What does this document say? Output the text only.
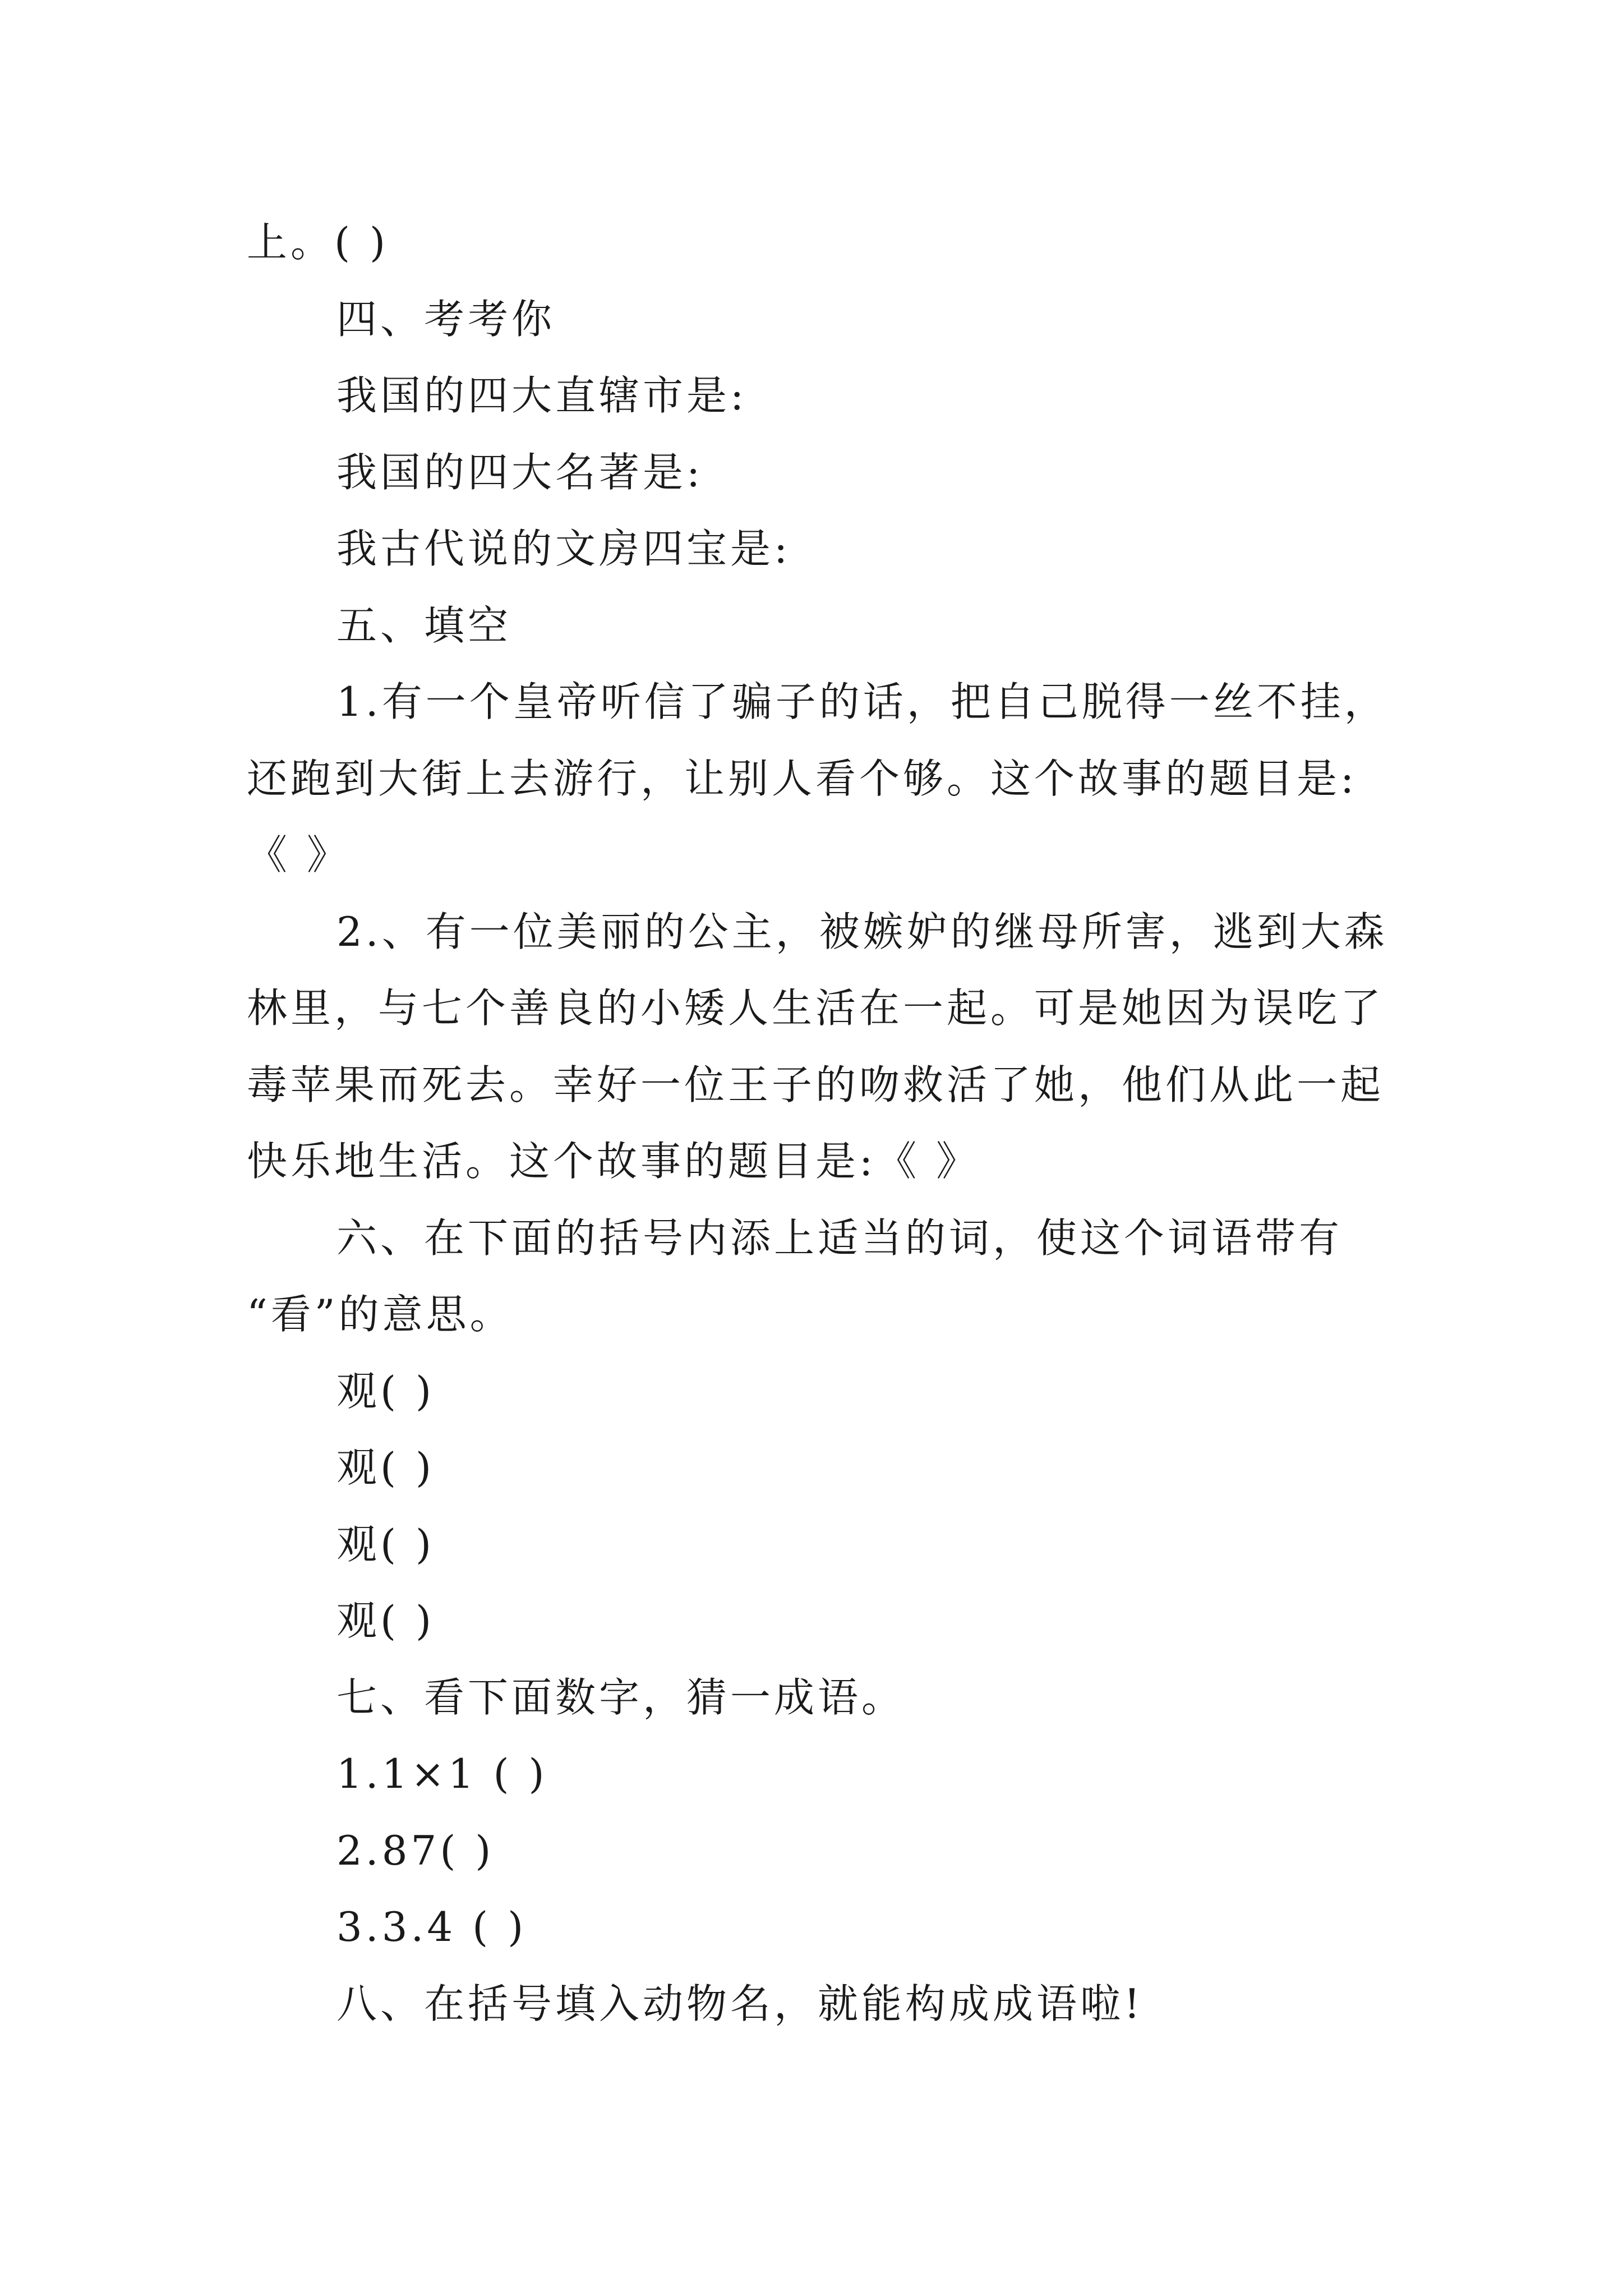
上。( )
四、考考你
我国的四大直辖市是:
我国的四大名著是:
我古代说的文房四宝是:
五、填空
1.有一个皇帝听信了骗子的话，把自己脱得一丝不挂，
还跑到大街上去游行，让别人看个够。这个故事的题目是:
《 》
2.、有一位美丽的公主，被嫉妒的继母所害，逃到大森
林里，与七个善良的小矮人生活在一起。可是她因为误吃了
毒苹果而死去。幸好一位王子的吻救活了她，他们从此一起
快乐地生活。这个故事的题目是:《 》
六、在下面的括号内添上适当的词，使这个词语带有
“看”的意思。
观( )
观( )
观( )
观( )
七、看下面数字，猜一成语。
1.1×1 ( )
2.87( )
3.3.4 ( )
八、在括号填入动物名，就能构成成语啦!
